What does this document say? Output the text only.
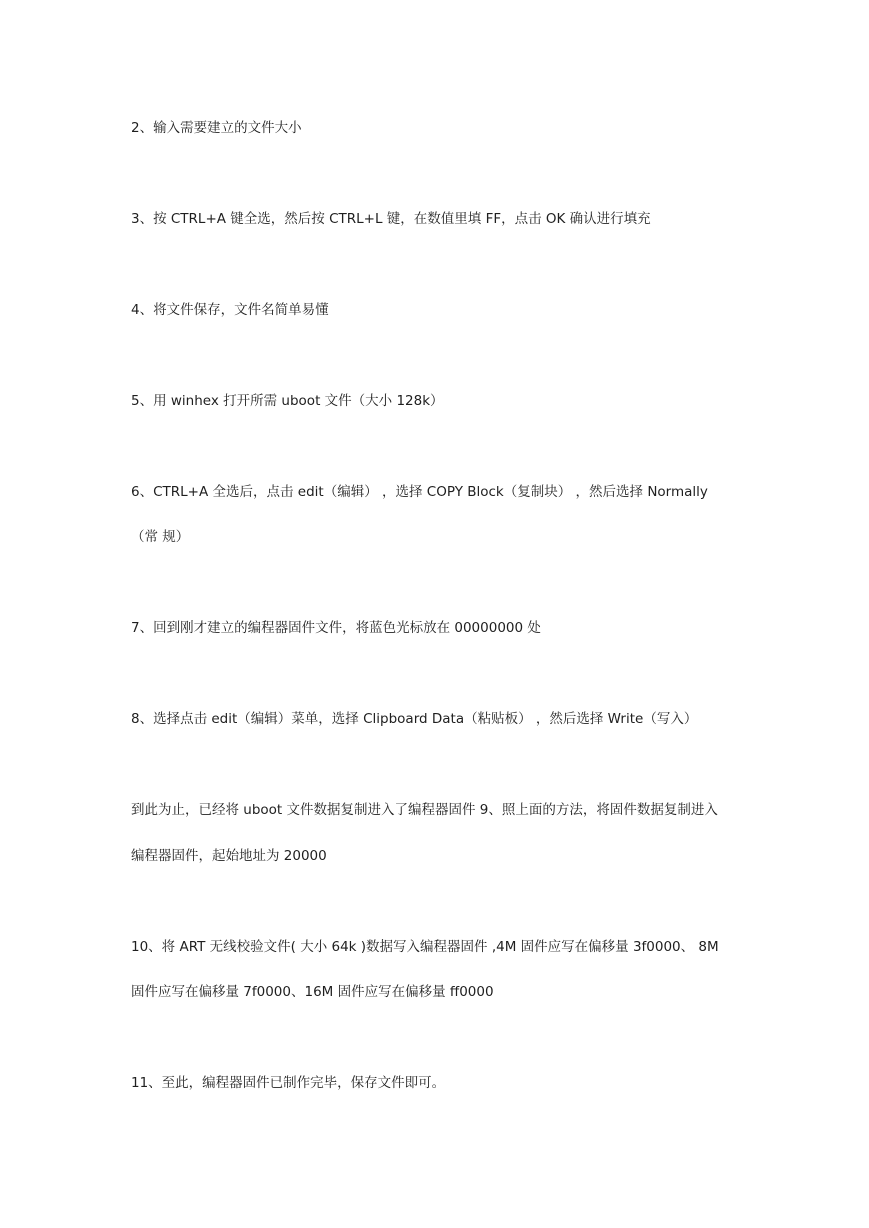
2、输入需要建立的文件大小
3、按 CTRL+A 键全选，然后按 CTRL+L 键，在数值里填 FF，点击 OK 确认进行填充
4、将文件保存，文件名简单易懂
5、用 winhex 打开所需 uboot 文件（大小 128k）
6、CTRL+A 全选后，点击 edit（编辑） ，选择 COPY Block（复制块） ，然后选择 Normally
（常 规）
7、回到刚才建立的编程器固件文件，将蓝色光标放在 00000000 处
8、选择点击 edit（编辑）菜单，选择 Clipboard Data（粘贴板） ，然后选择 Write（写入）
到此为止，已经将 uboot 文件数据复制进入了编程器固件 9、照上面的方法，将固件数据复制进入
编程器固件，起始地址为 20000
10、将 ART 无线校验文件( 大小 64k )数据写入编程器固件 ,4M 固件应写在偏移量 3f0000、 8M
固件应写在偏移量 7f0000、16M 固件应写在偏移量 ff0000
11、至此，编程器固件已制作完毕，保存文件即可。
